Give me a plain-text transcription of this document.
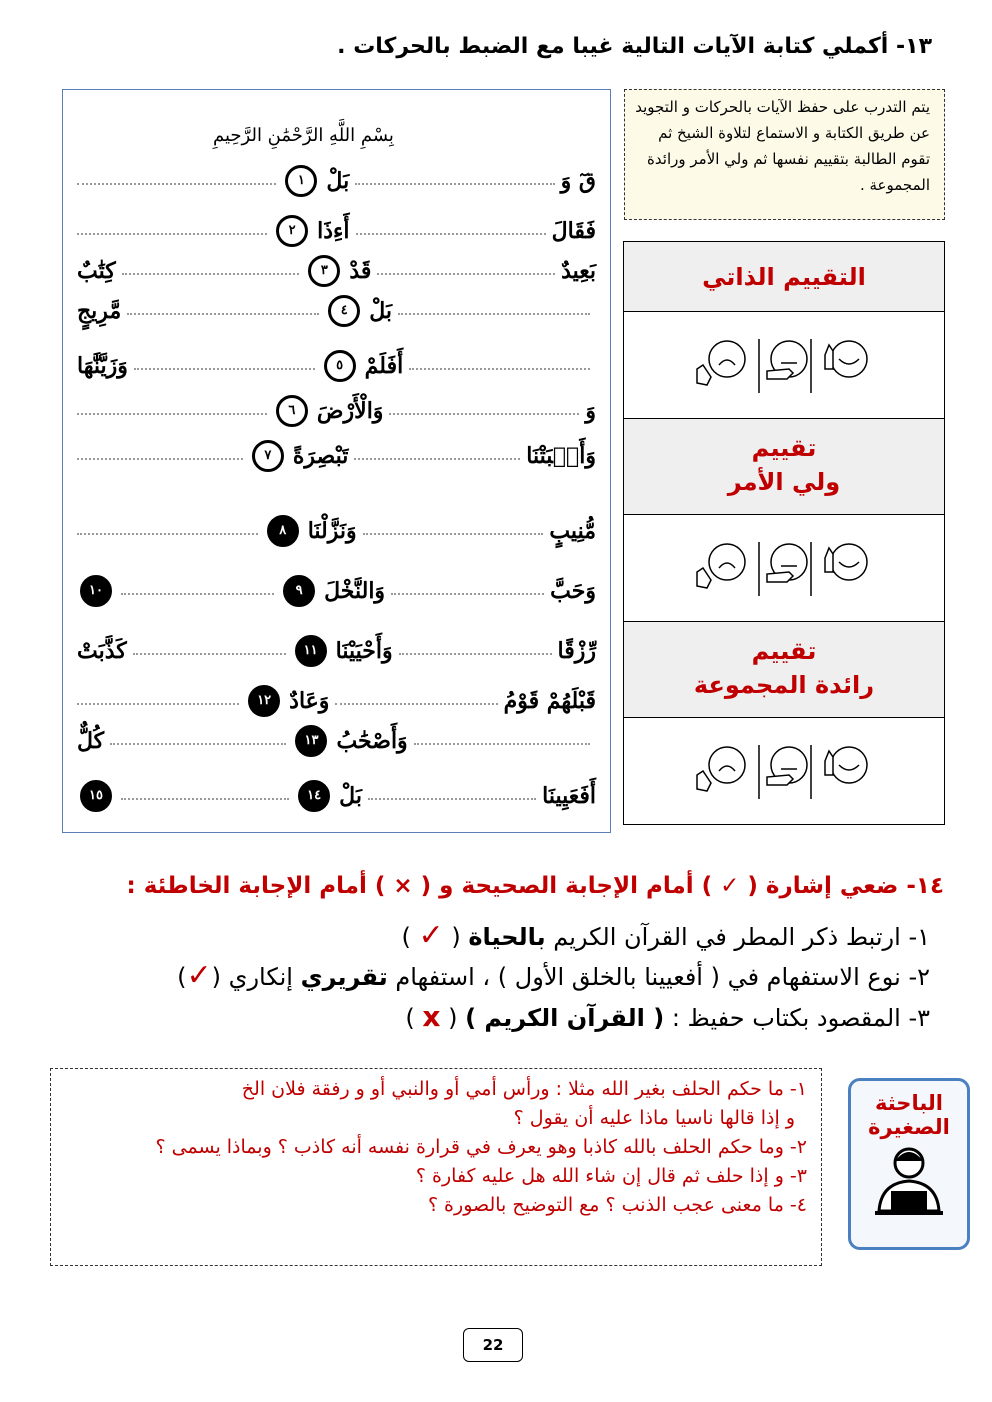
١٣- أكملي كتابة الآيات التالية غيبا مع الضبط بالحركات .
بِسْمِ اللَّهِ الرَّحْمَٰنِ الرَّحِيمِ
قٓ وَ
بَلْ
١
فَقَالَ
أَءِذَا
٢
بَعِيدٌ
قَدْ
٣
كِتَٰبٌ
بَلْ
٤
مَّرِيجٍ
أَفَلَمْ
٥
وَزَيَّنَّٰهَا
وَ
وَالْأَرْضَ
٦
وَأَنۢبَتْنَا
تَبْصِرَةً
٧
مُّنِيبٍ
وَنَزَّلْنَا
٨
وَحَبَّ
وَالنَّخْلَ
٩
١٠
رِّزْقًا
وَأَحْيَيْنَا
١١
كَذَّبَتْ
قَبْلَهُمْ قَوْمُ
وَعَادٌ
١٢
وَأَصْحَٰبُ
١٣
كُلٌّ
أَفَعَيِينَا
بَلْ
١٤
١٥
يتم التدرب على حفظ الآيات بالحركات و التجويد عن طريق الكتابة و الاستماع لتلاوة الشيخ ثم تقوم الطالبة بتقييم نفسها ثم ولي الأمر ورائدة المجموعة .
التقييم الذاتي
تقييم
ولي الأمر
تقييم
رائدة المجموعة
١٤- ضعي إشارة ( ✓ ) أمام الإجابة الصحيحة و ( × ) أمام الإجابة الخاطئة :
١- ارتبط ذكر المطر في القرآن الكريم بالحياة ( ✓ )
٢- نوع الاستفهام في ( أفعيينا بالخلق الأول ) ، استفهام تقريري إنكاري (✓)
٣- المقصود بكتاب حفيظ : ( القرآن الكريم ) ( x )
الباحثة
الصغيرة
١- ما حكم الحلف بغير الله مثلا : ورأس أمي أو والنبي أو و رفقة فلان الخ
و إذا قالها ناسيا ماذا عليه أن يقول ؟
٢- وما حكم الحلف بالله كاذبا وهو يعرف في قرارة نفسه أنه كاذب ؟ وبماذا يسمى ؟
٣- و إذا حلف ثم قال إن شاء الله هل عليه كفارة ؟
٤- ما معنى عجب الذنب ؟ مع التوضيح بالصورة ؟
22
